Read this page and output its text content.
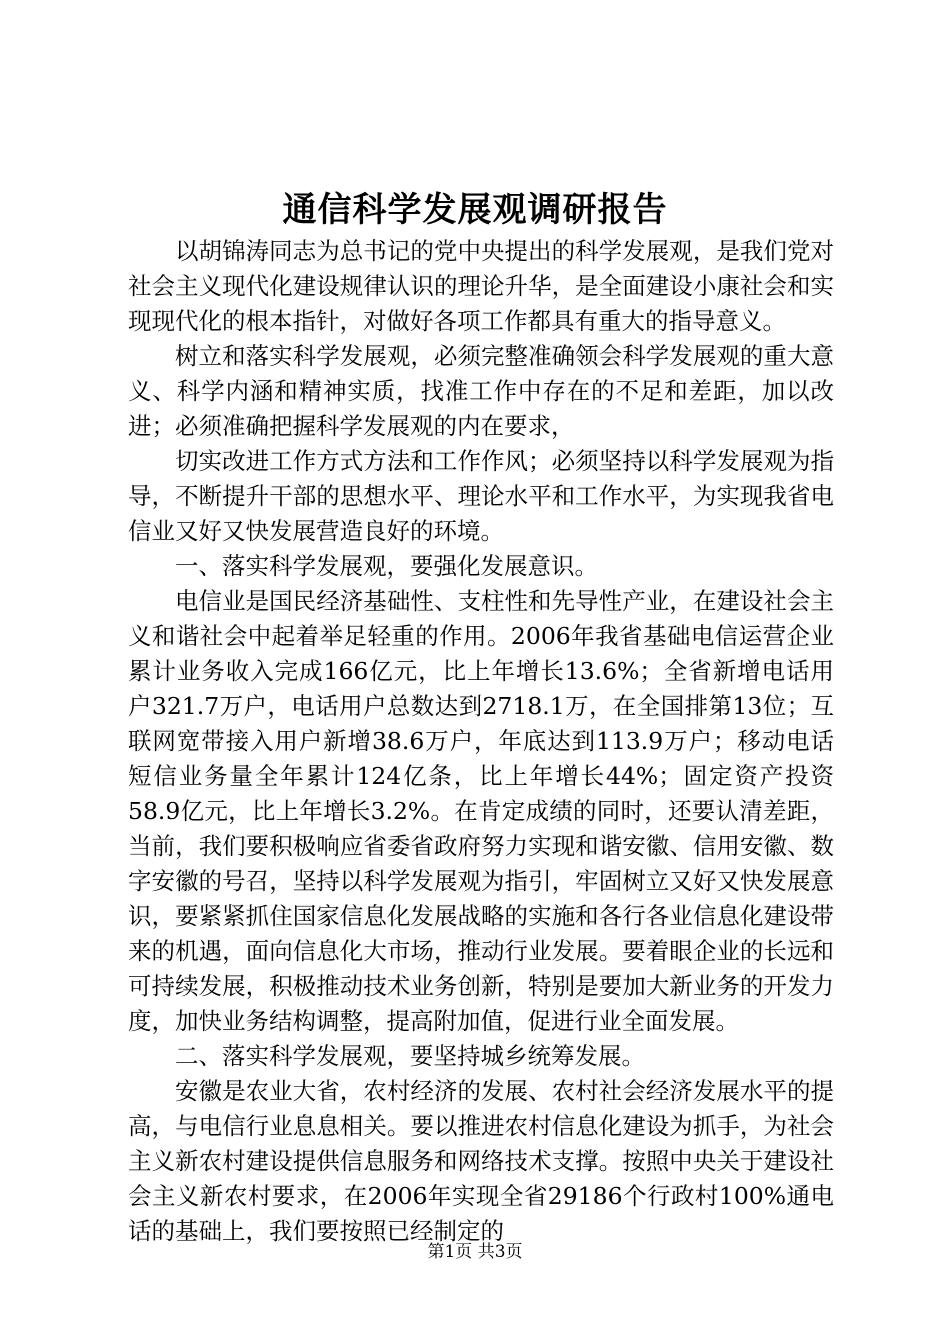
通信科学发展观调研报告

以胡锦涛同志为总书记的党中央提出的科学发展观，是我们党对社会主义现代化建设规律认识的理论升华，是全面建设小康社会和实现现代化的根本指针，对做好各项工作都具有重大的指导意义。

树立和落实科学发展观，必须完整准确领会科学发展观的重大意义、科学内涵和精神实质，找准工作中存在的不足和差距，加以改进；必须准确把握科学发展观的内在要求，

切实改进工作方式方法和工作作风；必须坚持以科学发展观为指导，不断提升干部的思想水平、理论水平和工作水平，为实现我省电信业又好又快发展营造良好的环境。

一、落实科学发展观，要强化发展意识。

电信业是国民经济基础性、支柱性和先导性产业，在建设社会主义和谐社会中起着举足轻重的作用。2006年我省基础电信运营企业累计业务收入完成166亿元，比上年增长13.6%；全省新增电话用户321.7万户，电话用户总数达到2718.1万，在全国排第13位；互联网宽带接入用户新增38.6万户，年底达到113.9万户；移动电话短信业务量全年累计124亿条，比上年增长44%；固定资产投资58.9亿元，比上年增长3.2%。在肯定成绩的同时，还要认清差距，当前，我们要积极响应省委省政府努力实现和谐安徽、信用安徽、数字安徽的号召，坚持以科学发展观为指引，牢固树立又好又快发展意识，要紧紧抓住国家信息化发展战略的实施和各行各业信息化建设带来的机遇，面向信息化大市场，推动行业发展。要着眼企业的长远和可持续发展，积极推动技术业务创新，特别是要加大新业务的开发力度，加快业务结构调整，提高附加值，促进行业全面发展。

二、落实科学发展观，要坚持城乡统筹发展。

安徽是农业大省，农村经济的发展、农村社会经济发展水平的提高，与电信行业息息相关。要以推进农村信息化建设为抓手，为社会主义新农村建设提供信息服务和网络技术支撑。按照中央关于建设社会主义新农村要求，在2006年实现全省29186个行政村100%通电话的基础上，我们要按照已经制定的

第1页 共3页
